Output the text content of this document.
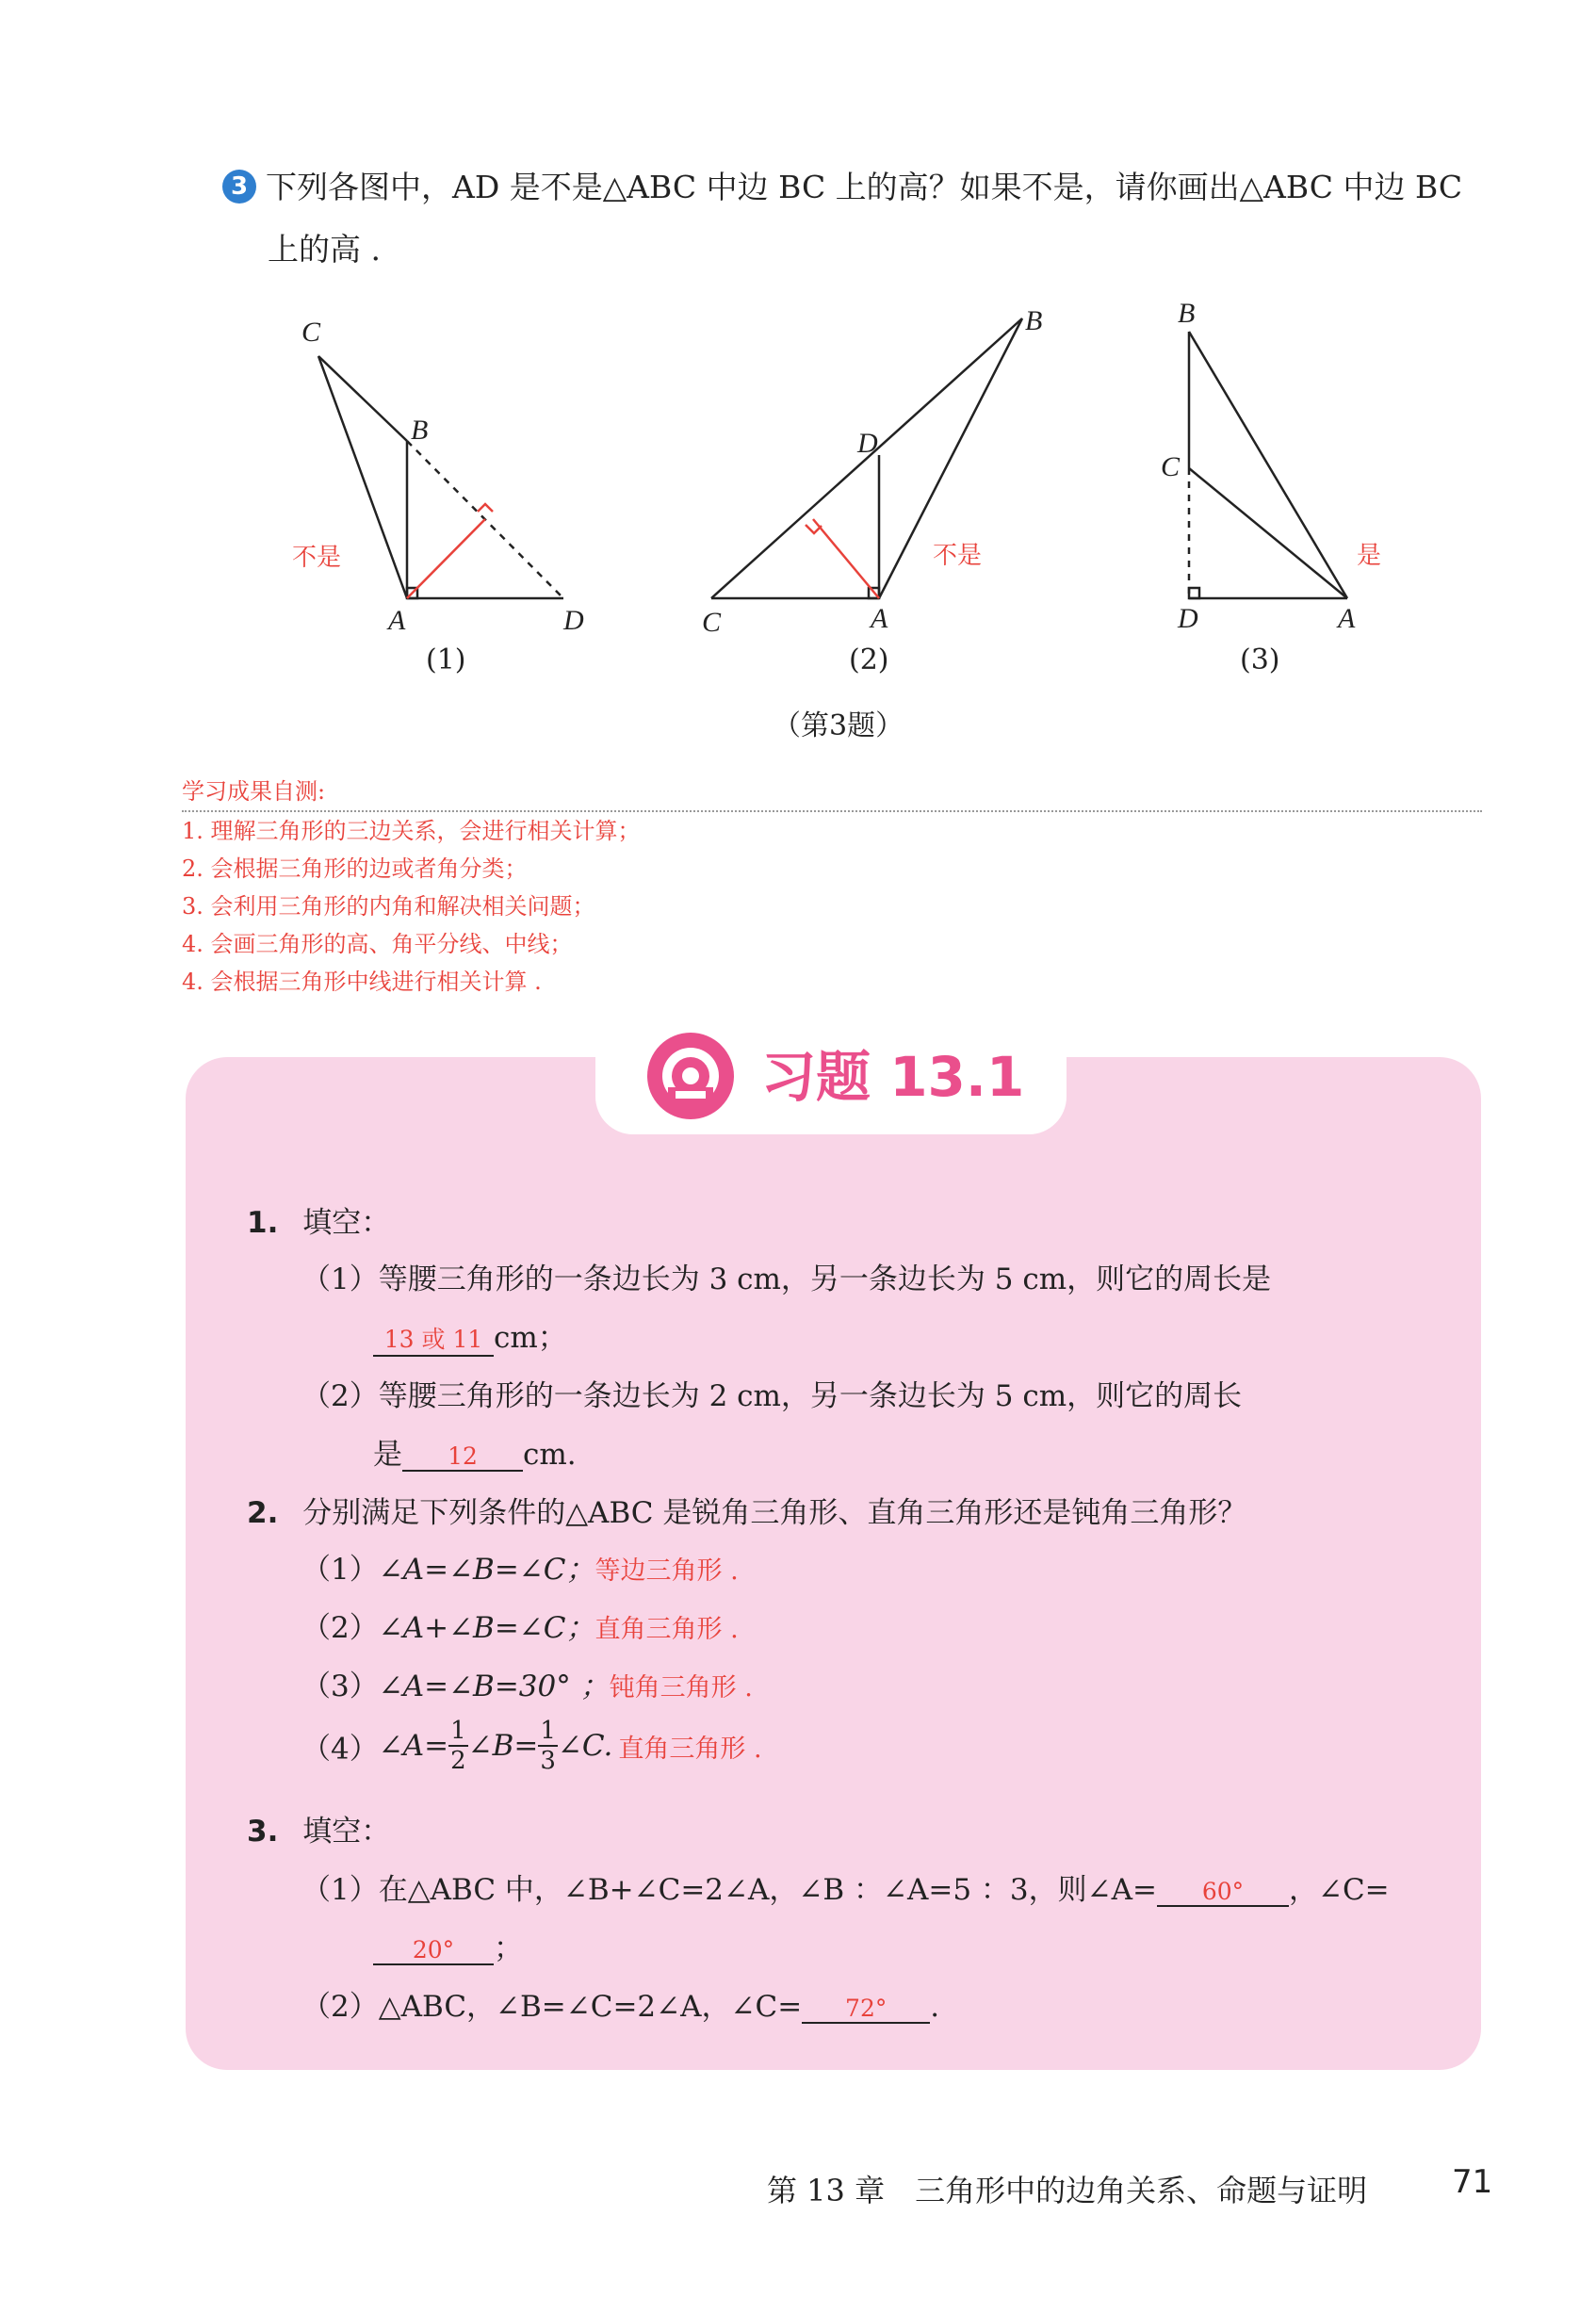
3 下列各图中，AD 是不是△ABC 中边 BC 上的高？如果不是，请你画出△ABC 中边 BC
上的高 .
C
B
A	D
B
D
C	A
B
C
D	A
不是	不是	是
(1)	(2)	(3)
（第3题）
学习成果自测:
1. 理解三角形的三边关系，会进行相关计算；
2. 会根据三角形的边或者角分类；
3. 会利用三角形的内角和解决相关问题；
4. 会画三角形的高、角平分线、中线；
4. 会根据三角形中线进行相关计算 .
习题 13.1
1. 填空：
（1）等腰三角形的一条边长为 3 cm，另一条边长为 5 cm，则它的周长是
13 或 11 cm；
（2）等腰三角形的一条边长为 2 cm，另一条边长为 5 cm，则它的周长
是 12 cm.
2. 分别满足下列条件的△ABC 是锐角三角形、直角三角形还是钝角三角形？
（1）∠A=∠B=∠C；等边三角形 .
（2）∠A+∠B=∠C；直角三角形 .
（3）∠A=∠B=30° ；钝角三角形 .
（4）∠A= $\frac{1}{2}$ ∠B= $\frac{1}{3}$ ∠C. 直角三角形 .
3. 填空：
（1）在△ABC 中，∠B+∠C=2∠A，∠B ：∠A=5 ：3，则∠A= 60° ，∠C=
20° ；
（2）△ABC，∠B=∠C=2∠A，∠C= 72° .
第 13 章　三角形中的边角关系、命题与证明	71
